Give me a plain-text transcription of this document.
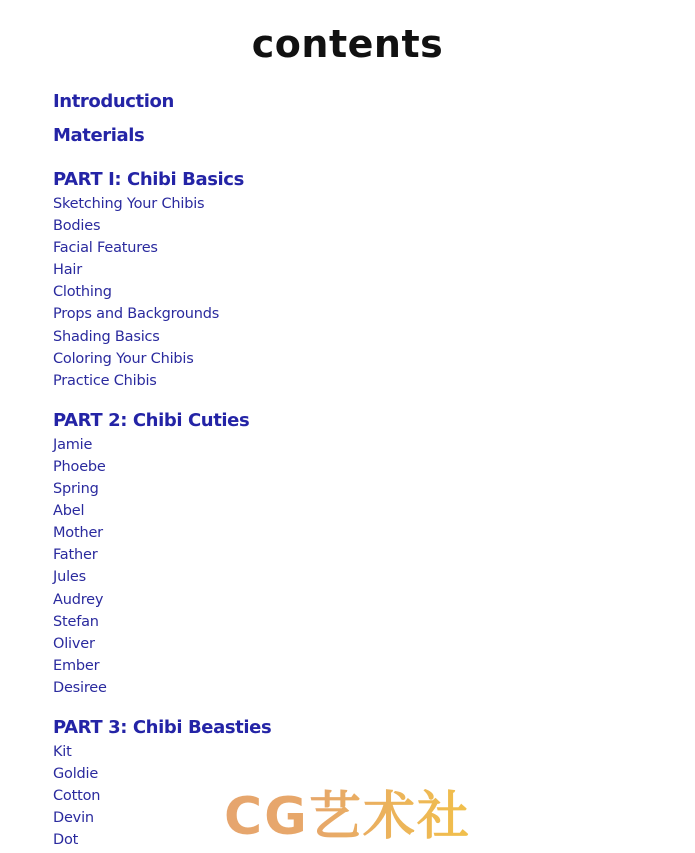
contents
Introduction
Materials
PART I: Chibi Basics
Sketching Your Chibis
Bodies
Facial Features
Hair
Clothing
Props and Backgrounds
Shading Basics
Coloring Your Chibis
Practice Chibis
PART 2: Chibi Cuties
Jamie
Phoebe
Spring
Abel
Mother
Father
Jules
Audrey
Stefan
Oliver
Ember
Desiree
PART 3: Chibi Beasties
Kit
Goldie
Cotton
Devin
Dot	CG艺术社
